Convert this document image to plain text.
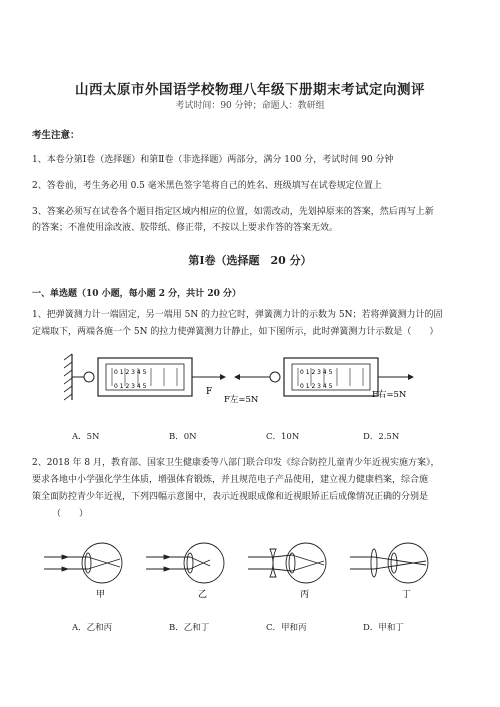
山西太原市外国语学校物理八年级下册期末考试定向测评
考试时间：90 分钟；命题人：教研组
考生注意：
1、本卷分第Ⅰ卷（选择题）和第Ⅱ卷（非选择题）两部分，满分 100 分，考试时间 90 分钟
2、答卷前，考生务必用 0.5 毫米黑色签字笔将自己的姓名、班级填写在试卷规定位置上
3、答案必须写在试卷各个题目指定区域内相应的位置，如需改动，先划掉原来的答案，然后再写上新
的答案；不准使用涂改液、胶带纸、修正带，不按以上要求作答的答案无效。
第Ⅰ卷（选择题　20 分）
一、单选题（10 小题，每小题 2 分，共计 20 分）
1、把弹簧测力计一端固定，另一端用 5N 的力拉它时，弹簧测力计的示数为 5N；若将弹簧测力计的固
定端取下，两端各施一个 5N 的拉力使弹簧测力计静止，如下图所示，此时弹簧测力计示数是（　　）
0 1 2 3 4 5
0 1 2 3 4 5
F
0 1 2 3 4 5
0 1 2 3 4 5
F左=5N	F右=5N
A．5N	B．0N	C．10N	D．2.5N
2、2018 年 8 月，教育部、国家卫生健康委等八部门联合印发《综合防控儿童青少年近视实施方案》，
要求各地中小学强化学生体质，增强体育锻炼，并且规范电子产品使用，建立视力健康档案，综合施
策全面防控青少年近视，下列四幅示意图中，表示近视眼成像和近视眼矫正后成像情况正确的分别是
（　　）
甲	乙	丙	丁
A．乙和丙	B．乙和丁	C．甲和丙	D．甲和丁
